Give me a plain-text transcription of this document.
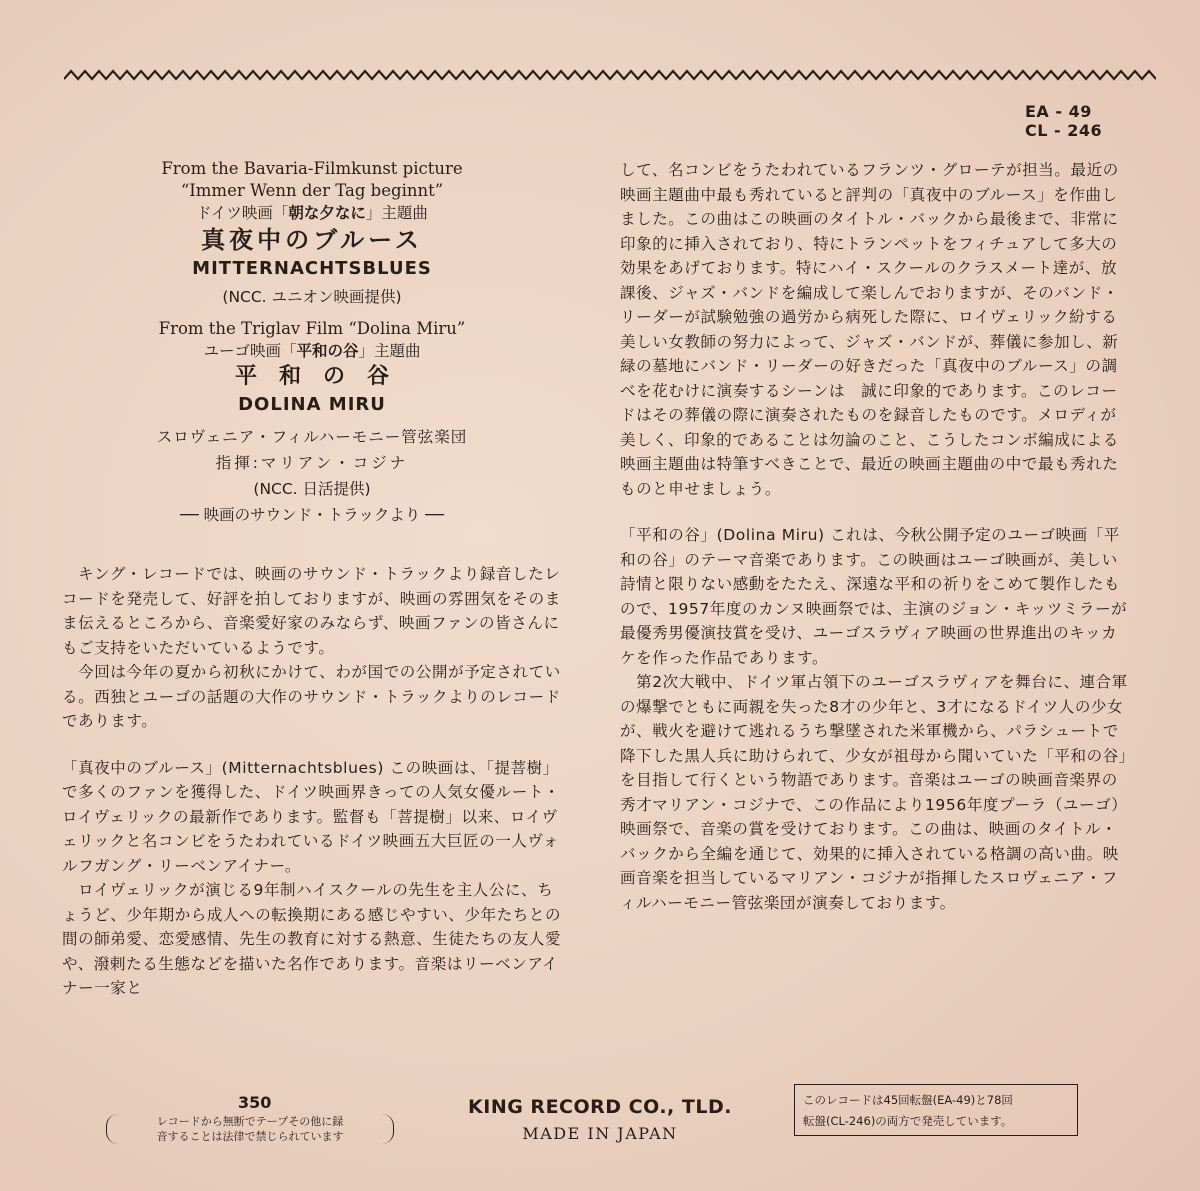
EA - 49
CL - 246
From the Bavaria-Filmkunst picture
“Immer Wenn der Tag beginnt”
ドイツ映画「朝な夕なに」主題曲
真夜中のブルース
MITTERNACHTSBLUES
(NCC. ユニオン映画提供)
From the Triglav Film “Dolina Miru”
ユーゴ映画「平和の谷」主題曲
平和の谷
DOLINA MIRU
スロヴェニア・フィルハーモニー管弦楽団
指揮:マリアン・コジナ
(NCC. 日活提供)
── 映画のサウンド・トラックより ──

　キング・レコードでは、映画のサウンド・トラックより録音したレコードを発売して、好評を拍しておりますが、映画の雰囲気をそのまま伝えるところから、音楽愛好家のみならず、映画ファンの皆さんにもご支持をいただいているようです。

　今回は今年の夏から初秋にかけて、わが国での公開が予定されている。西独とユーゴの話題の大作のサウンド・トラックよりのレコードであります。

「真夜中のブルース」(Mitternachtsblues) この映画は、「提菩樹」で多くのファンを獲得した、ドイツ映画界きっての人気女優ルート・ロイヴェリックの最新作であります。監督も「菩提樹」以来、ロイヴェリックと名コンビをうたわれているドイツ映画五大巨匠の一人ヴォルフガング・リーベンアイナー。

　ロイヴェリックが演じる9年制ハイスクールの先生を主人公に、ちょうど、少年期から成人への転換期にある感じやすい、少年たちとの間の師弟愛、恋愛感情、先生の教育に対する熱意、生徒たちの友人愛や、潑剌たる生態などを描いた名作であります。音楽はリーベンアイナー一家と

して、名コンビをうたわれているフランツ・グローテが担当。最近の映画主題曲中最も秀れていると評判の「真夜中のブルース」を作曲しました。この曲はこの映画のタイトル・バックから最後まで、非常に印象的に挿入されており、特にトランペットをフィチュアして多大の効果をあげております。特にハイ・スクールのクラスメート達が、放課後、ジャズ・バンドを編成して楽しんでおりますが、そのバンド・リーダーが試験勉強の過労から病死した際に、ロイヴェリック紛する美しい女教師の努力によって、ジャズ・バンドが、葬儀に参加し、新緑の墓地にバンド・リーダーの好きだった「真夜中のブルース」の調べを花むけに演奏するシーンは　誠に印象的であります。このレコードはその葬儀の際に演奏されたものを録音したものです。メロディが美しく、印象的であることは勿論のこと、こうしたコンボ編成による映画主題曲は特筆すべきことで、最近の映画主題曲の中で最も秀れたものと申せましょう。

「平和の谷」(Dolina Miru) これは、今秋公開予定のユーゴ映画「平和の谷」のテーマ音楽であります。この映画はユーゴ映画が、美しい詩情と限りない感動をたたえ、深遠な平和の祈りをこめて製作したもので、1957年度のカンヌ映画祭では、主演のジョン・キッツミラーが最優秀男優演技賞を受け、ユーゴスラヴィア映画の世界進出のキッカケを作った作品であります。

　第2次大戦中、ドイツ軍占領下のユーゴスラヴィアを舞台に、連合軍の爆撃でともに両親を失った8才の少年と、3才になるドイツ人の少女が、戦火を避けて逃れるうち撃墜された米軍機から、パラシュートで降下した黒人兵に助けられて、少女が祖母から聞いていた「平和の谷」を目指して行くという物語であります。音楽はユーゴの映画音楽界の秀才マリアン・コジナで、この作品により1956年度プーラ（ユーゴ）映画祭で、音楽の賞を受けております。この曲は、映画のタイトル・バックから全編を通じて、効果的に挿入されている格調の高い曲。映画音楽を担当しているマリアン・コジナが指揮したスロヴェニア・フィルハーモニー管弦楽団が演奏しております。

350
レコードから無断でテープその他に録
音することは法律で禁じられています
KING RECORD CO., TLD.
MADE IN JAPAN
このレコードは45回転盤(EA-49)と78回
転盤(CL-246)の両方で発売しています。
